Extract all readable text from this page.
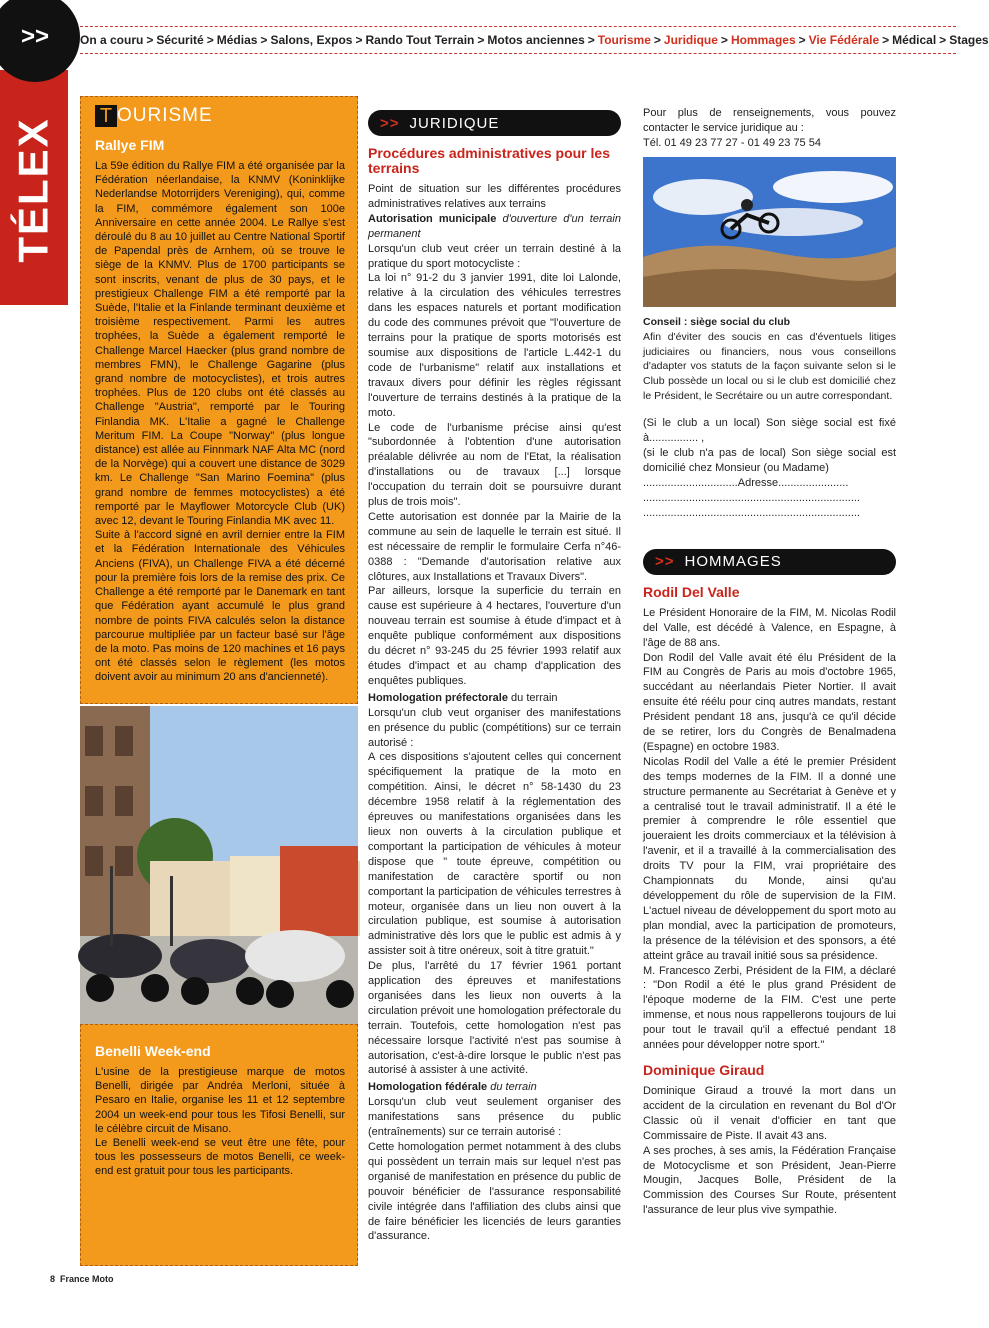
>>
TÉLEX
On a couru > Sécurité > Médias > Salons, Expos > Rando Tout Terrain > Motos anciennes > Tourisme > Juridique > Hommages > Vie Fédérale > Médical > Stages
T OURISME
Rallye FIM

La 59e édition du Rallye FIM a été organisée par la Fédération néerlandaise, la KNMV (Koninklijke Nederlandse Motorrijders Vereniging), qui, comme la FIM, commémore également son 100e Anniversaire en cette année 2004. Le Rallye s'est déroulé du 8 au 10 juillet au Centre National Sportif de Papendal près de Arnhem, où se trouve le siège de la KNMV. Plus de 1700 participants se sont inscrits, venant de plus de 30 pays, et le prestigieux Challenge FIM a été remporté par la Suède, l'Italie et la Finlande terminant deuxième et troisième respectivement. Parmi les autres trophées, la Suède a également remporté le Challenge Marcel Haecker (plus grand nombre de membres FMN), le Challenge Gagarine (plus grand nombre de motocyclistes), et trois autres trophées. Plus de 120 clubs ont été classés au Challenge "Austria", remporté par le Touring Finlandia MK. L'Italie a gagné le Challenge Meritum FIM. La Coupe "Norway" (plus longue distance) est allée au Finnmark NAF Alta MC (nord de la Norvège) qui a couvert une distance de 3029 km. Le Challenge "San Marino Foemina" (plus grand nombre de femmes motocyclistes) a été remporté par le Mayflower Motorcycle Club (UK) avec 12, devant le Touring Finlandia MK avec 11.

Suite à l'accord signé en avril dernier entre la FIM et la Fédération Internationale des Véhicules Anciens (FIVA), un Challenge FIVA a été décerné pour la première fois lors de la remise des prix. Ce Challenge a été remporté par le Danemark en tant que Fédération ayant accumulé le plus grand nombre de points FIVA calculés selon la distance parcourue multipliée par un facteur basé sur l'âge de la moto. Pas moins de 120 machines et 16 pays ont été classés selon le règlement (les motos doivent avoir au minimum 20 ans d'ancienneté).

Benelli Week-end

L'usine de la prestigieuse marque de motos Benelli, dirigée par Andréa Merloni, située à Pesaro en Italie, organise les 11 et 12 septembre 2004 un week-end pour tous les Tifosi Benelli, sur le célèbre circuit de Misano.

Le Benelli week-end se veut être une fête, pour tous les possesseurs de motos Benelli, ce week-end est gratuit pour tous les participants.

>> JURIDIQUE
Procédures administratives pour les terrains

Point de situation sur les différentes procédures administratives relatives aux terrains

Autorisation municipale d'ouverture d'un terrain permanent

Lorsqu'un club veut créer un terrain destiné à la pratique du sport motocycliste :

La loi n° 91-2 du 3 janvier 1991, dite loi Lalonde, relative à la circulation des véhicules terrestres dans les espaces naturels et portant modification du code des communes prévoit que "l'ouverture de terrains pour la pratique de sports motorisés est soumise aux dispositions de l'article L.442-1 du code de l'urbanisme" relatif aux installations et travaux divers pour définir les règles régissant l'ouverture de terrains destinés à la pratique de la moto.

Le code de l'urbanisme précise ainsi qu'est "subordonnée à l'obtention d'une autorisation préalable délivrée au nom de l'Etat, la réalisation d'installations ou de travaux [...] lorsque l'occupation du terrain doit se poursuivre durant plus de trois mois".

Cette autorisation est donnée par la Mairie de la commune au sein de laquelle le terrain est situé. Il est nécessaire de remplir le formulaire Cerfa n°46-0388 : "Demande d'autorisation relative aux clôtures, aux Installations et Travaux Divers".

Par ailleurs, lorsque la superficie du terrain en cause est supérieure à 4 hectares, l'ouverture d'un nouveau terrain est soumise à étude d'impact et à enquête publique conformément aux dispositions du décret n° 93-245 du 25 février 1993 relatif aux études d'impact et au champ d'application des enquêtes publiques.

Homologation préfectorale du terrain

Lorsqu'un club veut organiser des manifestations en présence du public (compétitions) sur ce terrain autorisé :

A ces dispositions s'ajoutent celles qui concernent spécifiquement la pratique de la moto en compétition. Ainsi, le décret n° 58-1430 du 23 décembre 1958 relatif à la réglementation des épreuves ou manifestations organisées dans les lieux non ouverts à la circulation publique et comportant la participation de véhicules à moteur dispose que " toute épreuve, compétition ou manifestation de caractère sportif ou non comportant la participation de véhicules terrestres à moteur, organisée dans un lieu non ouvert à la circulation publique, est soumise à autorisation administrative dès lors que le public est admis à y assister soit à titre onéreux, soit à titre gratuit."

De plus, l'arrêté du 17 février 1961 portant application des épreuves et manifestations organisées dans les lieux non ouverts à la circulation prévoit une homologation préfectorale du terrain. Toutefois, cette homologation n'est pas nécessaire lorsque l'activité n'est pas soumise à autorisation, c'est-à-dire lorsque le public n'est pas autorisé à assister à une activité.

Homologation fédérale du terrain

Lorsqu'un club veut seulement organiser des manifestations sans présence du public (entraînements) sur ce terrain autorisé :

Cette homologation permet notamment à des clubs qui possèdent un terrain mais sur lequel n'est pas organisé de manifestation en présence du public de pouvoir bénéficier de l'assurance responsabilité civile intégrée dans l'affiliation des clubs ainsi que de faire bénéficier les licenciés de leurs garanties d'assurance.

Pour plus de renseignements, vous pouvez contacter le service juridique au :

Tél. 01 49 23 77 27 - 01 49 23 75 54

Conseil : siège social du club

Afin d'éviter des soucis en cas d'éventuels litiges judiciaires ou financiers, nous vous conseillons d'adapter vos statuts de la façon suivante selon si le Club possède un local ou si le club est domicilié chez le Président, le Secrétaire ou un autre correspondant.

(Si le club a un local) Son siège social est fixé à................ ,

(si le club n'a pas de local) Son siège social est domicilié chez Monsieur (ou Madame)

...............................Adresse.......................
.......................................................................
.......................................................................
>> HOMMAGES
Rodil Del Valle

Le Président Honoraire de la FIM, M. Nicolas Rodil del Valle, est décédé à Valence, en Espagne, à l'âge de 88 ans.

Don Rodil del Valle avait été élu Président de la FIM au Congrès de Paris au mois d'octobre 1965, succédant au néerlandais Pieter Nortier. Il avait ensuite été réélu pour cinq autres mandats, restant Président pendant 18 ans, jusqu'à ce qu'il décide de se retirer, lors du Congrès de Benalmadena (Espagne) en octobre 1983.

Nicolas Rodil del Valle a été le premier Président des temps modernes de la FIM. Il a donné une structure permanente au Secrétariat à Genève et y a centralisé tout le travail administratif. Il a été le premier à comprendre le rôle essentiel que joueraient les droits commerciaux et la télévision à l'avenir, et il a travaillé à la commercialisation des droits TV pour la FIM, vrai propriétaire des Championnats du Monde, ainsi qu'au développement du rôle de supervision de la FIM. L'actuel niveau de développement du sport moto au plan mondial, avec la participation de promoteurs, la présence de la télévision et des sponsors, a été atteint grâce au travail initié sous sa présidence.

M. Francesco Zerbi, Président de la FIM, a déclaré : "Don Rodil a été le plus grand Président de l'époque moderne de la FIM. C'est une perte immense, et nous nous rappellerons toujours de lui pour tout le travail qu'il a effectué pendant 18 années pour développer notre sport."

Dominique Giraud

Dominique Giraud a trouvé la mort dans un accident de la circulation en revenant du Bol d'Or Classic où il venait d'officier en tant que Commissaire de Piste. Il avait 43 ans.

A ses proches, à ses amis, la Fédération Française de Motocyclisme et son Président, Jean-Pierre Mougin, Jacques Bolle, Président de la Commission des Courses Sur Route, présentent l'assurance de leur plus vive sympathie.

8 France Moto
